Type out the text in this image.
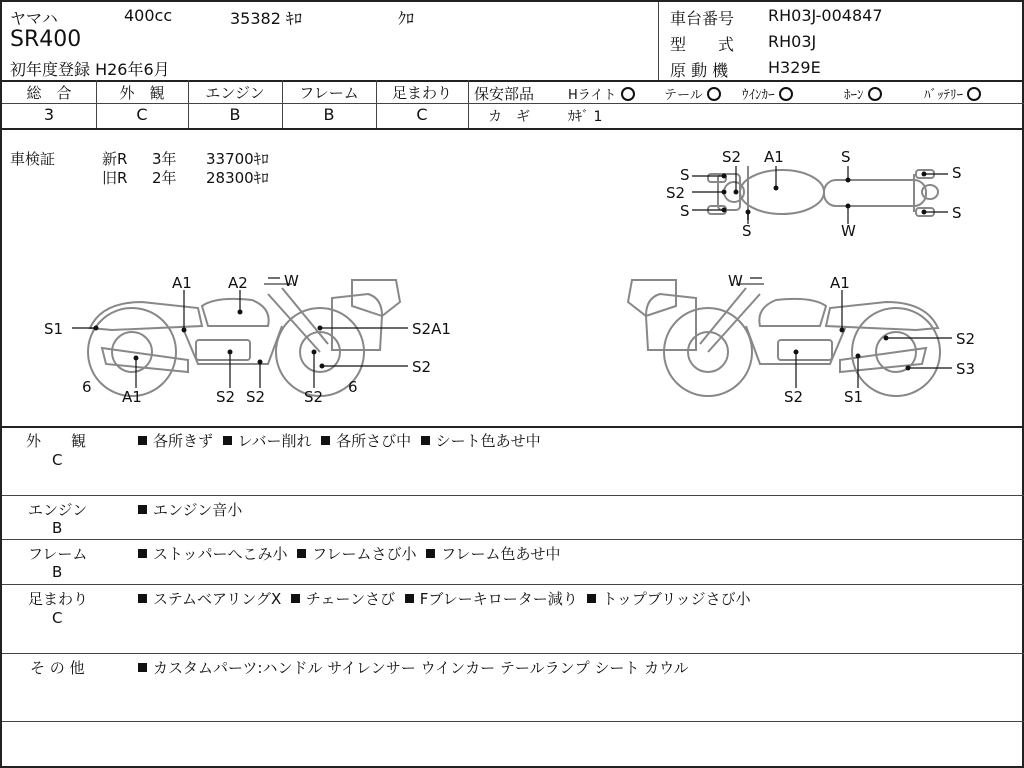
ヤマハ	400cc	35382 ｷﾛ	ｸﾛ
SR400
初年度登録 H26年6月
車台番号 RH03J-004847
型　　式 RH03J
原 動 機 H329E
総　合	外　観	エンジン	フレーム	足まわり
3	C	B	B	C
保安部品	Hライト	テール	ｳｲﾝｶｰ	ﾎｰﾝ	ﾊﾞｯﾃﾘｰ
カ　ギ	ｶｷﾞ 1
車検証	新R 3年 33700ｷﾛ
旧R 2年 28300ｷﾛ
S2 A1	S
S
S2
S
S	W
S
S
A1 A2 W
S1	S2A1
S2
6
A1	S2 S2	S2
6
W	A1
S2
S3
S2	S1
外　　観
C
各所きず レバー削れ 各所さび中 シート色あせ中
エンジン
B
エンジン音小
フレーム
B
ストッパーへこみ小 フレームさび小 フレーム色あせ中
足まわり
C
ステムベアリングX チェーンさび Fブレーキローター減り トップブリッジさび小
そ の 他	カスタムパーツ:ハンドル サイレンサー ウインカー テールランプ シート カウル
